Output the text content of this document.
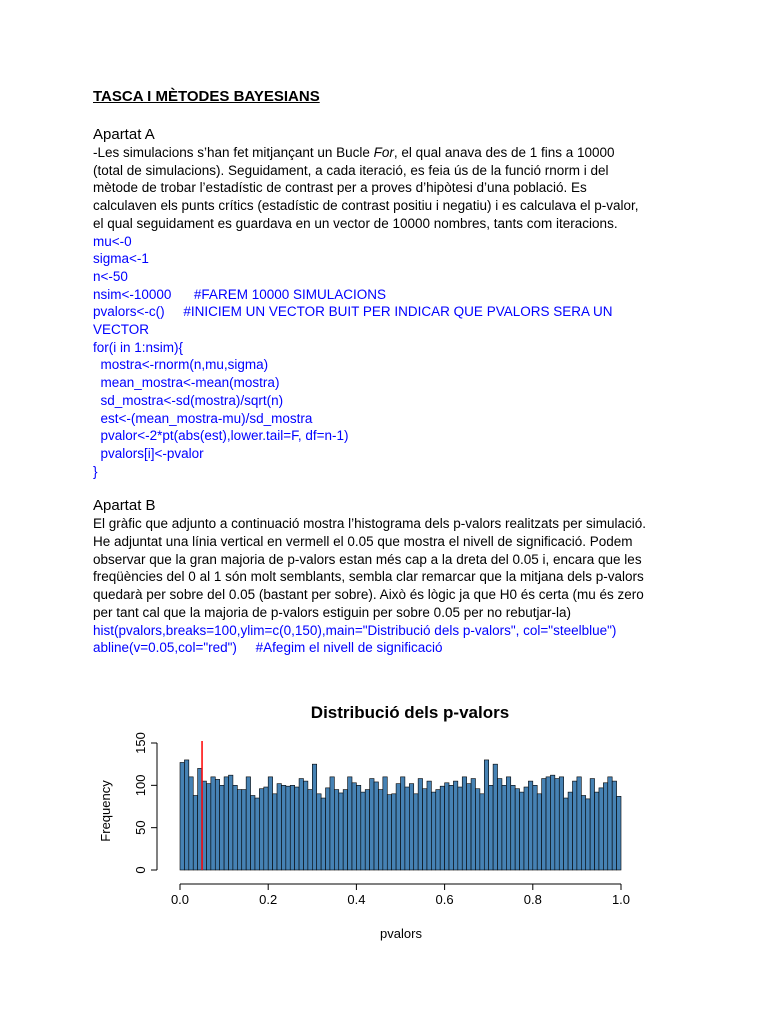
TASCA I MÈTODES BAYESIANS

Apartat A

-Les simulacions s’han fet mitjançant un Bucle For, el qual anava des de 1 fins a 10000

(total de simulacions). Seguidament, a cada iteració, es feia ús de la funció rnorm i del

mètode de trobar l’estadístic de contrast per a proves d’hipòtesi d’una població. Es

calculaven els punts crítics (estadístic de contrast positiu i negatiu) i es calculava el p-valor,

el qual seguidament es guardava en un vector de 10000 nombres, tants com iteracions.

mu<-0

sigma<-1

n<-50

nsim<-10000      #FAREM 10000 SIMULACIONS

pvalors<-c()     #INICIEM UN VECTOR BUIT PER INDICAR QUE PVALORS SERA UN

VECTOR

for(i in 1:nsim){

mostra<-rnorm(n,mu,sigma)

mean_mostra<-mean(mostra)

sd_mostra<-sd(mostra)/sqrt(n)

est<-(mean_mostra-mu)/sd_mostra

pvalor<-2*pt(abs(est),lower.tail=F, df=n-1)

pvalors[i]<-pvalor

}

Apartat B

El gràfic que adjunto a continuació mostra l’histograma dels p-valors realitzats per simulació.

He adjuntat una línia vertical en vermell el 0.05 que mostra el nivell de significació. Podem

observar que la gran majoria de p-valors estan més cap a la dreta del 0.05 i, encara que les

freqüències del 0 al 1 són molt semblants, sembla clar remarcar que la mitjana dels p-valors

quedarà per sobre del 0.05 (bastant per sobre). Això és lògic ja que H0 és certa (mu és zero

per tant cal que la majoria de p-valors estiguin per sobre 0.05 per no rebutjar-la)

hist(pvalors,breaks=100,ylim=c(0,150),main="Distribució dels p-valors", col="steelblue")

abline(v=0.05,col="red")     #Afegim el nivell de significació

Distribució dels p-valors
Frequency
pvalors
0.0	0.2	0.4	0.6	0.8	1.0
0
50
100
150
